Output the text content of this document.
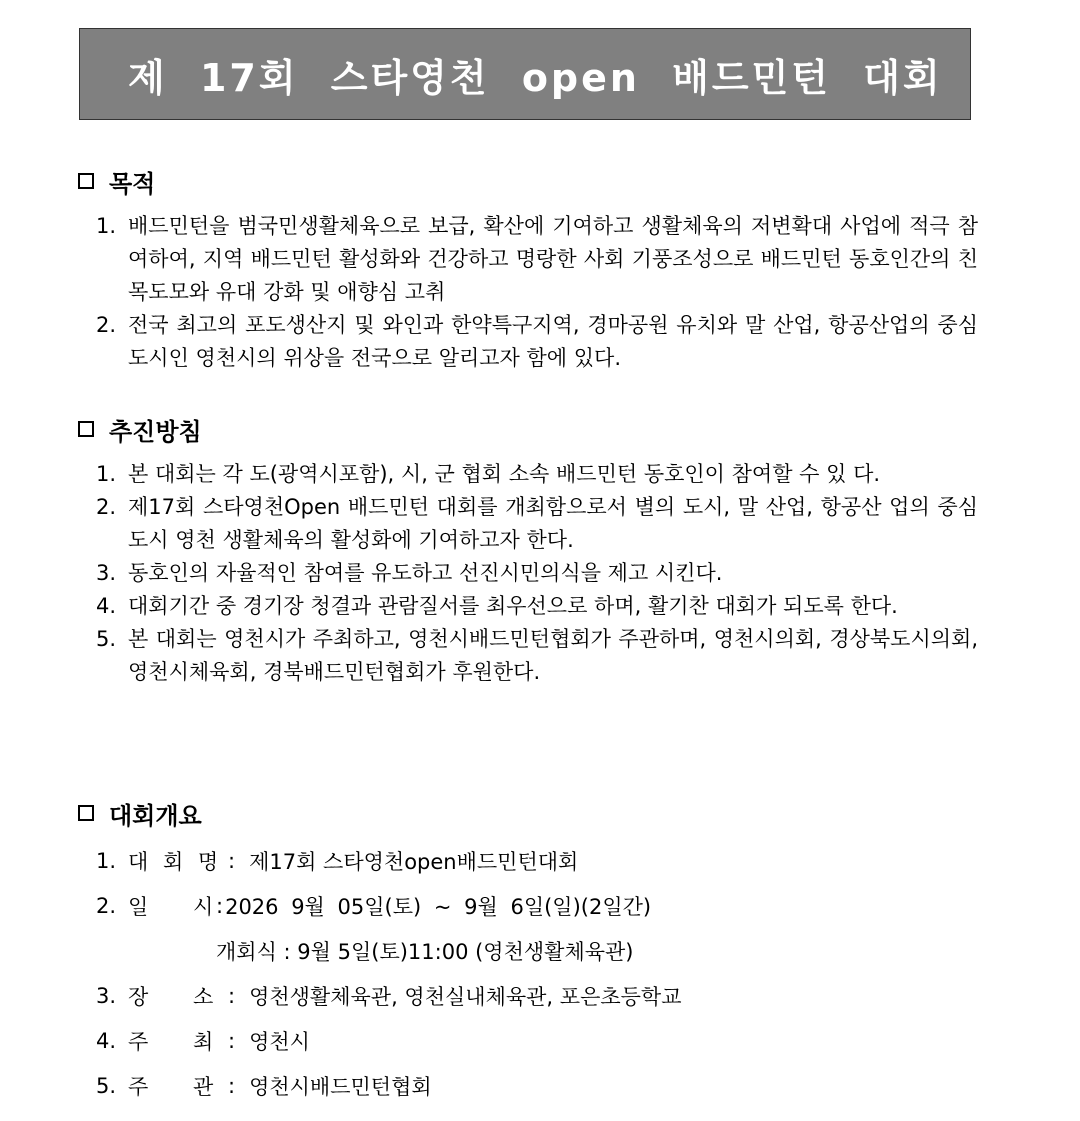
제 17회 스타영천 open 배드민턴 대회 요강
목적
1. 배드민턴을 범국민생활체육으로 보급, 확산에 기여하고 생활체육의 저변확대 사업에 적극 참여하여, 지역 배드민턴 활성화와 건강하고 명랑한 사회 기풍조성으로 배드민턴 동호인간의 친목도모와 유대 강화 및 애향심 고취
2. 전국 최고의 포도생산지 및 와인과 한약특구지역, 경마공원 유치와 말 산업, 항공산업의 중심도시인 영천시의 위상을 전국으로 알리고자 함에 있다.
추진방침
1. 본 대회는 각 도(광역시포함), 시, 군 협회 소속 배드민턴 동호인이 참여할 수 있 다.
2. 제17회 스타영천Open 배드민턴 대회를 개최함으로서 별의 도시, 말 산업, 항공산 업의 중심도시 영천 생활체육의 활성화에 기여하고자 한다.
3. 동호인의 자율적인 참여를 유도하고 선진시민의식을 제고 시킨다.
4. 대회기간 중 경기장 청결과 관람질서를 최우선으로 하며, 활기찬 대회가 되도록 한다.
5. 본 대회는 영천시가 주최하고, 영천시배드민턴협회가 주관하며, 영천시의회, 경상북도시의회, 영천시체육회, 경북배드민턴협회가 후원한다.
대회개요
1. 대 회 명 : 제17회 스타영천open배드민턴대회
2. 일 시 : 2026 9월 05일(토) ~ 9월 6일(일)(2일간)
개회식 : 9월 5일(토)11:00 (영천생활체육관)
3. 장 소 : 영천생활체육관, 영천실내체육관, 포은초등학교
4. 주 최 : 영천시
5. 주 관 : 영천시배드민턴협회
